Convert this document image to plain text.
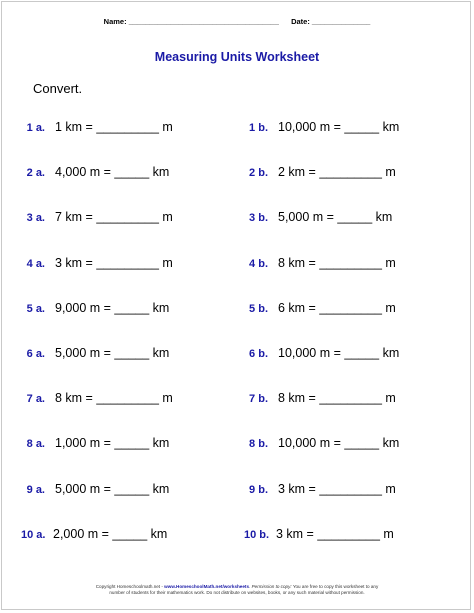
Name: ____________________________________ Date: ______________
Measuring Units Worksheet
Convert.
1 a. 1 km = _________ m
2 a. 4,000 m = _____ km
3 a. 7 km = _________ m
4 a. 3 km = _________ m
5 a. 9,000 m = _____ km
6 a. 5,000 m = _____ km
7 a. 8 km = _________ m
8 a. 1,000 m = _____ km
9 a. 5,000 m = _____ km
10 a. 2,000 m = _____ km
1 b. 10,000 m = _____ km
2 b. 2 km = _________ m
3 b. 5,000 m = _____ km
4 b. 8 km = _________ m
5 b. 6 km = _________ m
6 b. 10,000 m = _____ km
7 b. 8 km = _________ m
8 b. 10,000 m = _____ km
9 b. 3 km = _________ m
10 b. 3 km = _________ m
Copyright Homeschoolmath.net - www.HomeschoolMath.net/worksheets. Permission to copy: You are free to copy this worksheet to any
number of students for their mathematics work. Do not distribute on websites, books, or any such material without permission.
